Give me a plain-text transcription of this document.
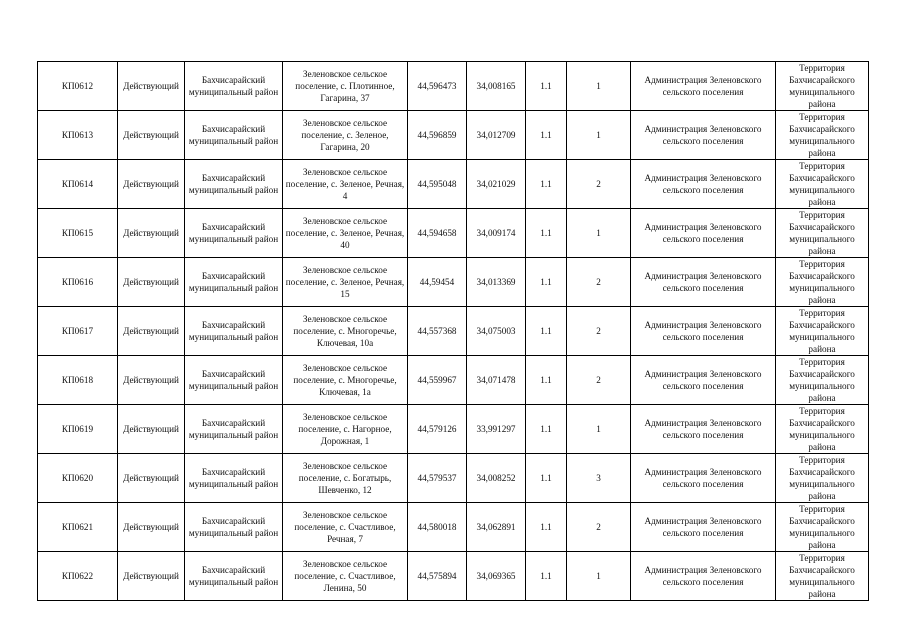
КП0612	Действующий	Бахчисарайский муниципальный район	Зеленовское сельское поселение, с. Плотинное, Гагарина, 37	44,596473	34,008165	1.1	1	Администрация Зеленовского сельского поселения	Территория Бахчисарайского муниципального района
КП0613	Действующий	Бахчисарайский муниципальный район	Зеленовское сельское поселение, с. Зеленое, Гагарина, 20	44,596859	34,012709	1.1	1	Администрация Зеленовского сельского поселения	Территория Бахчисарайского муниципального района
КП0614	Действующий	Бахчисарайский муниципальный район	Зеленовское сельское поселение, с. Зеленое, Речная, 4	44,595048	34,021029	1.1	2	Администрация Зеленовского сельского поселения	Территория Бахчисарайского муниципального района
КП0615	Действующий	Бахчисарайский муниципальный район	Зеленовское сельское поселение, с. Зеленое, Речная, 40	44,594658	34,009174	1.1	1	Администрация Зеленовского сельского поселения	Территория Бахчисарайского муниципального района
КП0616	Действующий	Бахчисарайский муниципальный район	Зеленовское сельское поселение, с. Зеленое, Речная, 15	44,59454	34,013369	1.1	2	Администрация Зеленовского сельского поселения	Территория Бахчисарайского муниципального района
КП0617	Действующий	Бахчисарайский муниципальный район	Зеленовское сельское поселение, с. Многоречье, Ключевая, 10а	44,557368	34,075003	1.1	2	Администрация Зеленовского сельского поселения	Территория Бахчисарайского муниципального района
КП0618	Действующий	Бахчисарайский муниципальный район	Зеленовское сельское поселение, с. Многоречье, Ключевая, 1а	44,559967	34,071478	1.1	2	Администрация Зеленовского сельского поселения	Территория Бахчисарайского муниципального района
КП0619	Действующий	Бахчисарайский муниципальный район	Зеленовское сельское поселение, с. Нагорное, Дорожная, 1	44,579126	33,991297	1.1	1	Администрация Зеленовского сельского поселения	Территория Бахчисарайского муниципального района
КП0620	Действующий	Бахчисарайский муниципальный район	Зеленовское сельское поселение, с. Богатырь, Шевченко, 12	44,579537	34,008252	1.1	3	Администрация Зеленовского сельского поселения	Территория Бахчисарайского муниципального района
КП0621	Действующий	Бахчисарайский муниципальный район	Зеленовское сельское поселение, с. Счастливое, Речная, 7	44,580018	34,062891	1.1	2	Администрация Зеленовского сельского поселения	Территория Бахчисарайского муниципального района
КП0622	Действующий	Бахчисарайский муниципальный район	Зеленовское сельское поселение, с. Счастливое, Ленина, 50	44,575894	34,069365	1.1	1	Администрация Зеленовского сельского поселения	Территория Бахчисарайского муниципального района
